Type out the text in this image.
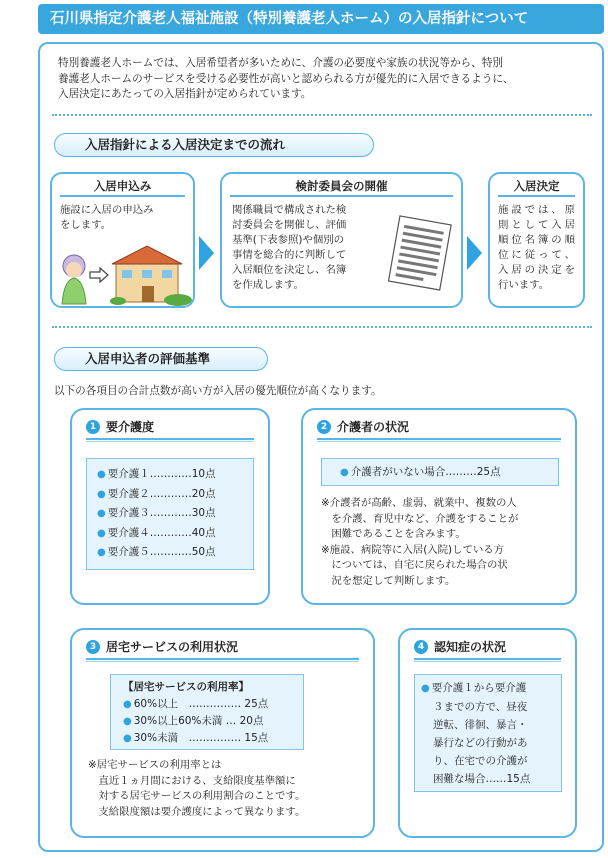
石川県指定介護老人福祉施設（特別養護老人ホーム）の入居指針について
特別養護老人ホームでは、入居希望者が多いために、介護の必要度や家族の状況等から、特別
養護老人ホームのサービスを受ける必要性が高いと認められる方が優先的に入居できるように、
入居決定にあたっての入居指針が定められています。
入居指針による入居決定までの流れ
入居申込み
施設に入居の申込み
をします。
検討委員会の開催
関係職員で構成された検
討委員会を開催し、評価
基準(下表参照)や個別の
事情を総合的に判断して
入居順位を決定し、名簿
を作成します。
入居決定
施設では、原
則として入居
順位名簿の順
位に従って、
入居の決定を
行います。
入居申込者の評価基準
以下の各項目の合計点数が高い方が入居の優先順位が高くなります。
1 要介護度
● 要介護１…………10点
● 要介護２…………20点
● 要介護３…………30点
● 要介護４…………40点
● 要介護５…………50点
2 介護者の状況
● 介護者がいない場合………25点
※介護者が高齢、虚弱、就業中、複数の人
　を介護、育児中など、介護をすることが
　困難であることを含みます。
※施設、病院等に入居(入院)している方
　については、自宅に戻られた場合の状
　況を想定して判断します。
3 居宅サービスの利用状況
【居宅サービスの利用率】
● 60%以上　…………… 25点
● 30%以上60%未満 … 20点
● 30%未満　…………… 15点
※居宅サービスの利用率とは
　直近１ヵ月間における、支給限度基準額に
　対する居宅サービスの利用割合のことです。
　支給限度額は要介護度によって異なります。
4 認知症の状況
● 要介護１から要介護
３までの方で、昼夜
逆転、徘徊、暴言・
暴行などの行動があ
り、在宅での介護が
困難な場合……15点
